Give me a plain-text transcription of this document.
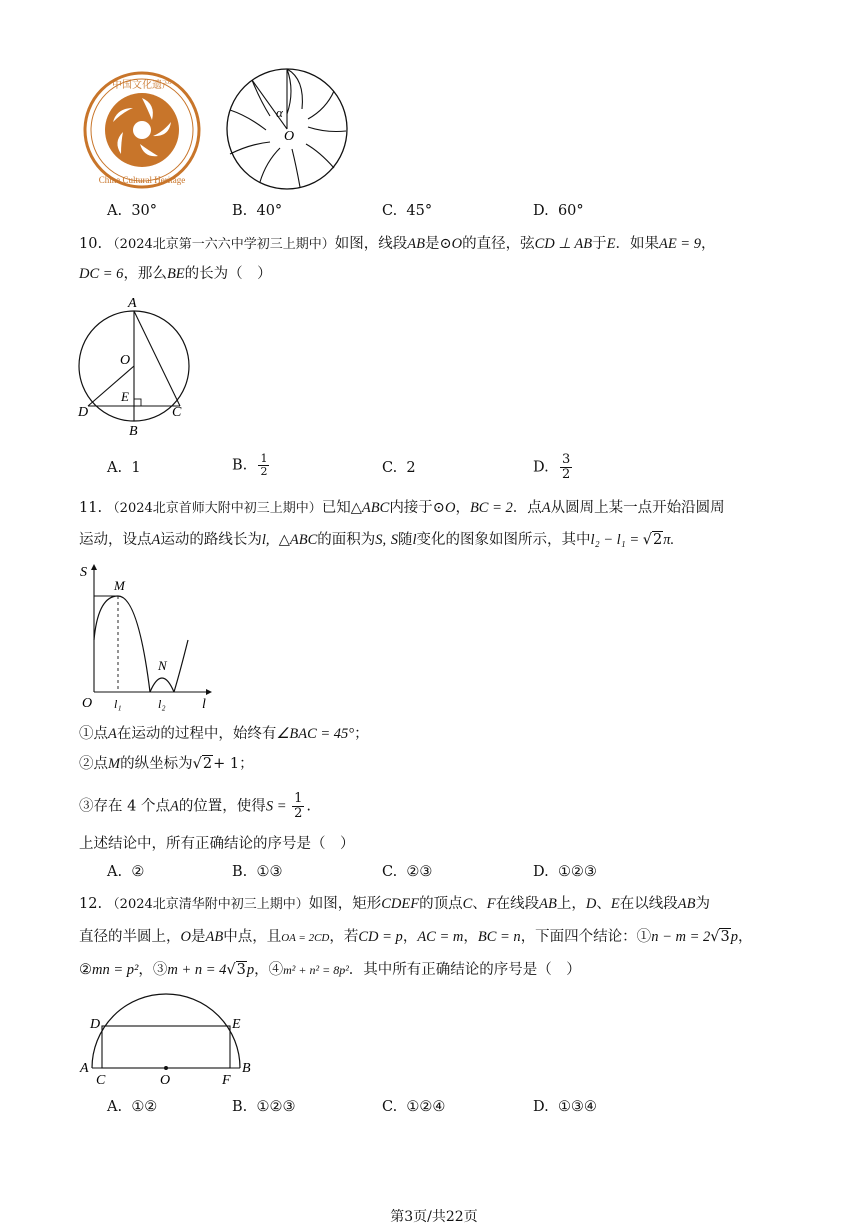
中国文化遗产
China Cultural Heritage
α
O
A. 30°	B. 40°	C. 45°	D. 60°
10. （2024北京第一六六中学初三上期中）如图，线段AB是⊙O的直径，弦CD ⊥ AB于E．如果AE = 9，
DC = 6，那么BE的长为（　）
A
O
E
D	C
B
A. 1	B. $\frac{1}{2}$	C. 2	D. $\frac{3}{2}$
11. （2024北京首师大附中初三上期中）已知△ABC内接于⊙O，BC = 2．点A从圆周上某一点开始沿圆周
运动，设点A运动的路线长为l, △ABC的面积为S, S随l变化的图象如图所示，其中l₂ − l₁ = √2π.
S
M
N
O l₁	l₂	l
①点A在运动的过程中，始终有∠BAC = 45°；
②点M的纵坐标为√2+ 1；
③存在 4 个点A的位置，使得$S = \frac{1}{2}$ .
上述结论中，所有正确结论的序号是（　）
A. ②	B. ①③	C. ②③	D. ①②③
12. （2024北京清华附中初三上期中）如图，矩形CDEF的顶点C、F在线段AB上，D、E在以线段AB为
直径的半圆上，O是AB中点，且OA = 2CD，若CD = p，AC = m，BC = n，下面四个结论：①n − m = 2√3p，
②mn = p²，③m + n = 4√3p，④m² + n² = 8p²．其中所有正确结论的序号是（　）
D	E
A
C	O	F
B
A. ①②	B. ①②③	C. ①②④	D. ①③④
第3页/共22页
